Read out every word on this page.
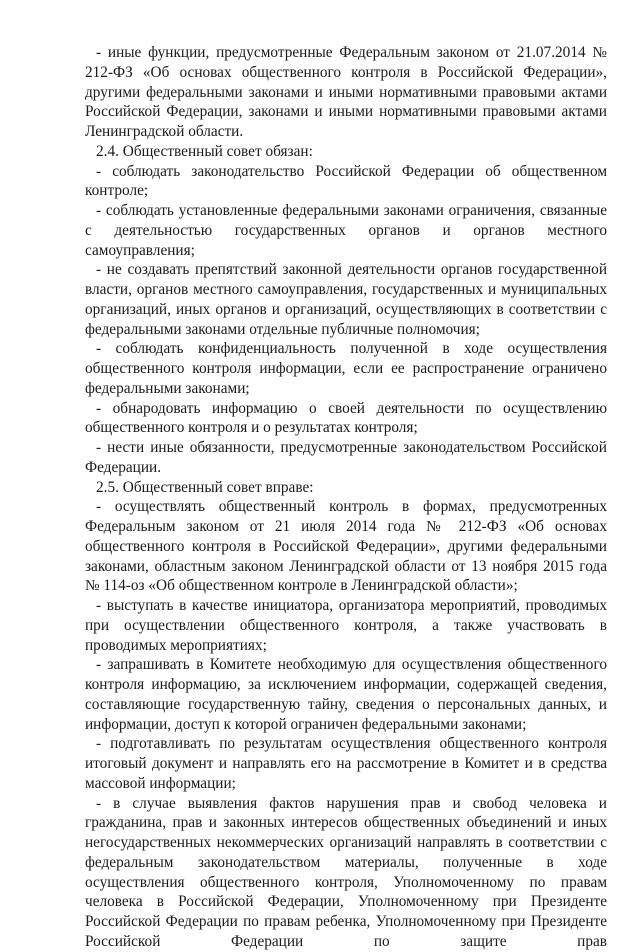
- иные функции, предусмотренные Федеральным законом от 21.07.2014 № 212-ФЗ «Об основах общественного контроля в Российской Федерации», другими федеральными законами и иными нормативными правовыми актами Российской Федерации, законами и иными нормативными правовыми актами Ленинградской области.

2.4. Общественный совет обязан:

- соблюдать законодательство Российской Федерации об общественном контроле;

- соблюдать установленные федеральными законами ограничения, связанные с деятельностью государственных органов и органов местного самоуправления;

- не создавать препятствий законной деятельности органов государственной власти, органов местного самоуправления, государственных и муниципальных организаций, иных органов и организаций, осуществляющих в соответствии с федеральными законами отдельные публичные полномочия;

- соблюдать конфиденциальность полученной в ходе осуществления общественного контроля информации, если ее распространение ограничено федеральными законами;

- обнародовать информацию о своей деятельности по осуществлению общественного контроля и о результатах контроля;

- нести иные обязанности, предусмотренные законодательством Российской Федерации.

2.5. Общественный совет вправе:

- осуществлять общественный контроль в формах, предусмотренных Федеральным законом от 21 июля 2014 года № 212-ФЗ «Об основах общественного контроля в Российской Федерации», другими федеральными законами, областным законом Ленинградской области от 13 ноября 2015 года № 114-оз «Об общественном контроле в Ленинградской области»;

- выступать в качестве инициатора, организатора мероприятий, проводимых при осуществлении общественного контроля, а также участвовать в проводимых мероприятиях;

- запрашивать в Комитете необходимую для осуществления общественного контроля информацию, за исключением информации, содержащей сведения, составляющие государственную тайну, сведения о персональных данных, и информации, доступ к которой ограничен федеральными законами;

- подготавливать по результатам осуществления общественного контроля итоговый документ и направлять его на рассмотрение в Комитет и в средства массовой информации;

- в случае выявления фактов нарушения прав и свобод человека и гражданина, прав и законных интересов общественных объединений и иных негосударственных некоммерческих организаций направлять в соответствии с федеральным законодательством материалы, полученные в ходе осуществления общественного контроля, Уполномоченному по правам человека в Российской Федерации, Уполномоченному при Президенте Российской Федерации по правам ребенка, Уполномоченному при Президенте Российской Федерации по защите прав
